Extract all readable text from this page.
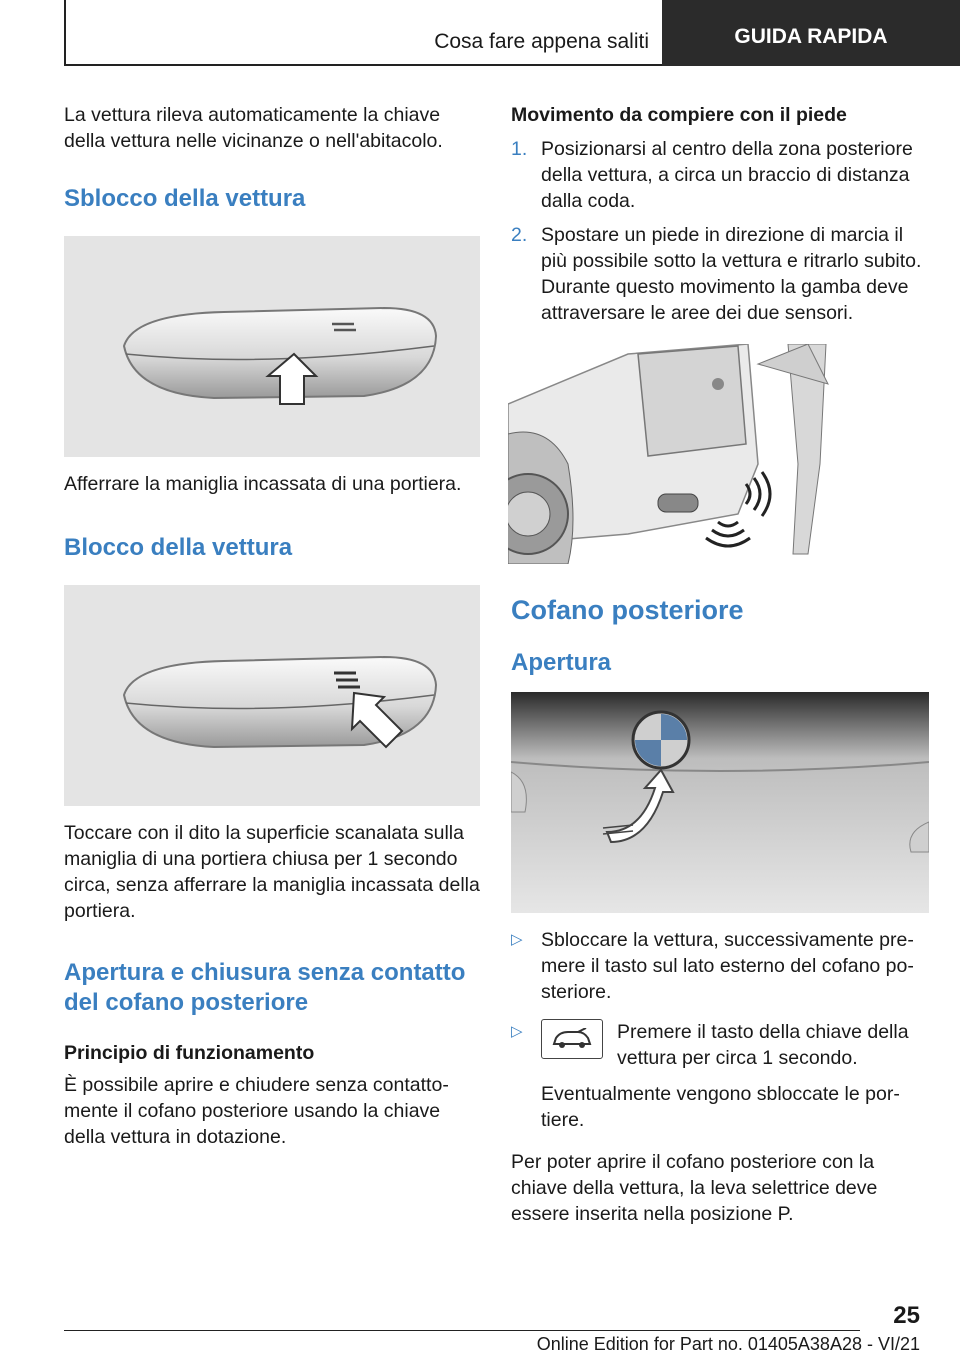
Cosa fare appena saliti	GUIDA RAPIDA

La vettura rileva automaticamente la chiave della vettura nelle vicinanze o nell'abitacolo.

Sblocco della vettura

Afferrare la maniglia incassata di una portiera.

Blocco della vettura

Toccare con il dito la superficie scanalata sulla maniglia di una portiera chiusa per 1 secondo circa, senza afferrare la maniglia incassata della portiera.

Apertura e chiusura senza contatto del cofano posteriore
Principio di funzionamento

È possibile aprire e chiudere senza contattomente il cofano posteriore usando la chiave della vettura in dotazione.

Movimento da compiere con il piede
1. Posizionarsi al centro della zona posteriore della vettura, a circa un braccio di distanza dalla coda.
2. Spostare un piede in direzione di marcia il più possibile sotto la vettura e ritrarlo subito. Durante questo movimento la gamba deve attraversare le aree dei due sensori.
Cofano posteriore
Apertura
▷ Sbloccare la vettura, successivamente premere il tasto sul lato esterno del cofano posteriore.
▷	Premere il tasto della chiave della vettura per circa 1 secondo.

Eventualmente vengono sbloccate le portiere.

Per poter aprire il cofano posteriore con la chiave della vettura, la leva selettrice deve essere inserita nella posizione P.

25
Online Edition for Part no. 01405A38A28 - VI/21
